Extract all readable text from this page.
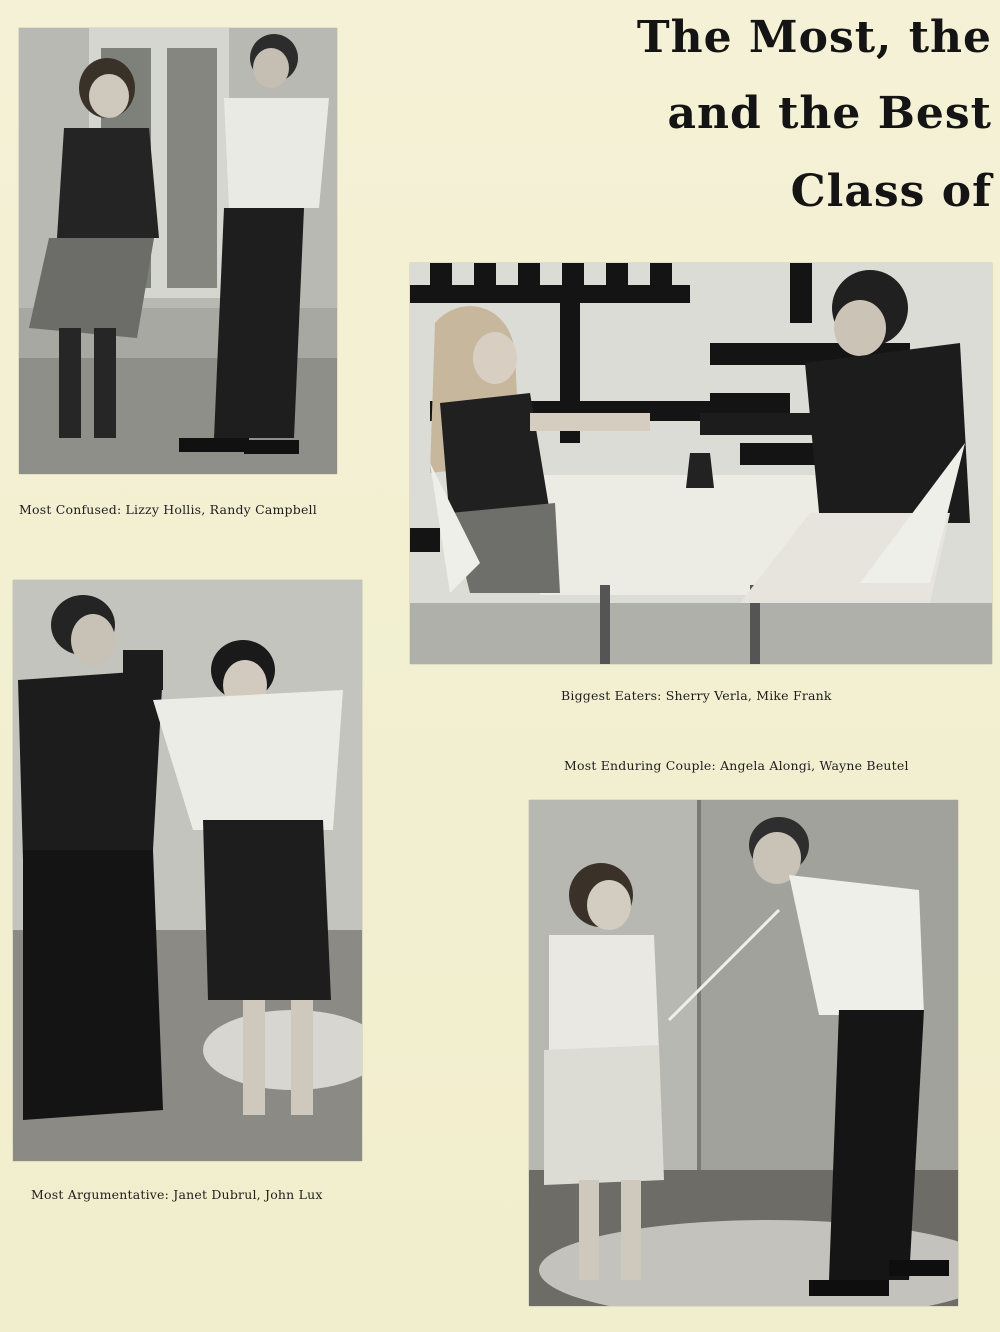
The Most, the
and the Best
Class of
Most Confused: Lizzy Hollis, Randy Campbell
Biggest Eaters: Sherry Verla, Mike Frank
Most Enduring Couple: Angela Alongi, Wayne Beutel
Most Argumentative: Janet Dubrul, John Lux
